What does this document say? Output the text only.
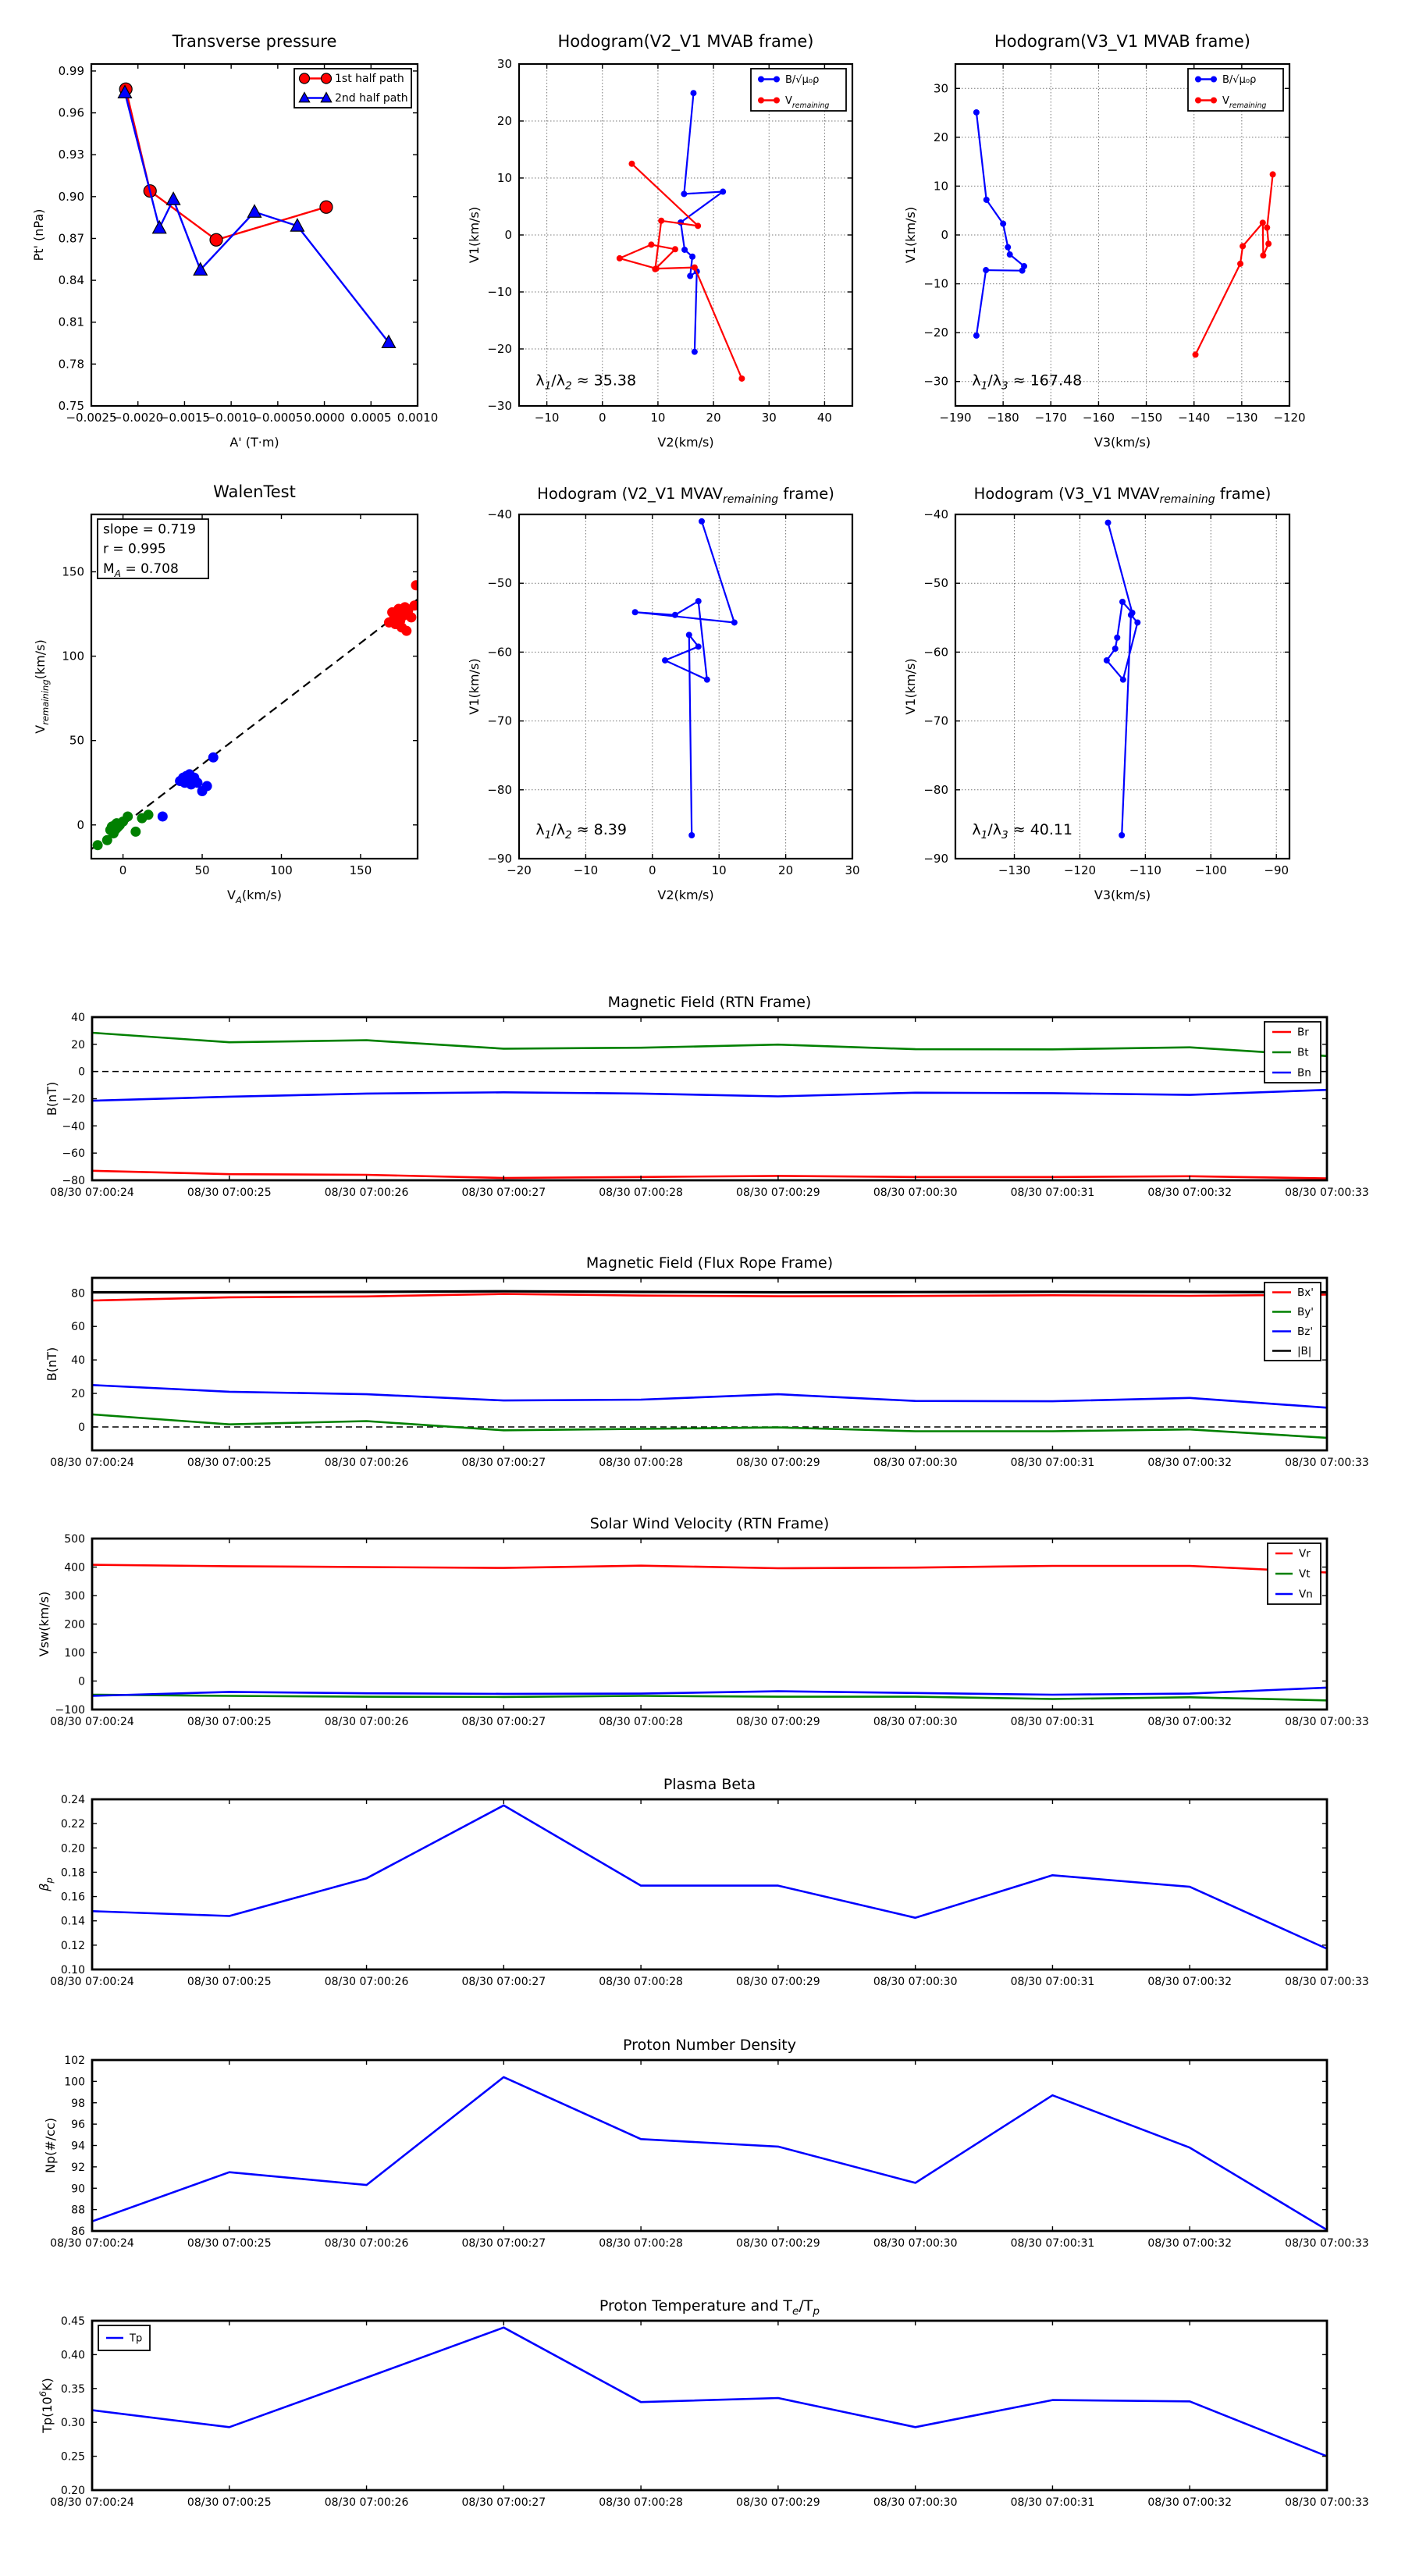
−0.0025
−0.0020
−0.0015
−0.0010
−0.0005 0.0000 0.0005 0.0010
0.75
0.78
0.81
0.84
0.87
0.90
0.93
0.96
0.99
Transverse pressure
A' (T·m)
Pt' (nPa)
1st half path
2nd half path
−10	0	10	20	30	40
−30
−20
−10
0
10
20
30
Hodogram(V2_V1 MVAB frame)
V2(km/s)
V1(km/s)
$\lambda_1/\lambda_2 \approx 35.38$
B/√μ₀ρ
$V_{remaining}$
−190 −180 −170 −160 −150 −140 −130 −120
−30
−20
−10
0
10
20
30
Hodogram(V3_V1 MVAB frame)
V3(km/s)
V1(km/s)
$\lambda_1/\lambda_3 \approx 167.48$
B/√μ₀ρ
$V_{remaining}$
0	50	100	150
0
50
100
150
WalenTest
$V_A(km/s)$
$V_{remaining}(km/s)$
slope = 0.719
r = 0.995
$M_A = 0.708$
−20	−10	0	10	20	30
−90
−80
−70
−60
−50
−40
Hodogram (V2_V1 $MVAV_{remaining}$ frame)
V2(km/s)
V1(km/s)
$\lambda_1/\lambda_2 \approx 8.39$
−130	−120	−110	−100	−90
−90
−80
−70
−60
−50
−40
Hodogram (V3_V1 $MVAV_{remaining}$ frame)
V3(km/s)
V1(km/s)
$\lambda_1/\lambda_3 \approx 40.11$
08/30 07:00:24	08/30 07:00:25	08/30 07:00:26	08/30 07:00:27	08/30 07:00:28	08/30 07:00:29	08/30 07:00:30	08/30 07:00:31	08/30 07:00:32	08/30 07:00:33
−80
−60
−40
−20
0
20
40
Magnetic Field (RTN Frame)
B(nT)
Br
Bt
Bn
08/30 07:00:24	08/30 07:00:25	08/30 07:00:26	08/30 07:00:27	08/30 07:00:28	08/30 07:00:29	08/30 07:00:30	08/30 07:00:31	08/30 07:00:32	08/30 07:00:33
0
20
40
60
80
Magnetic Field (Flux Rope Frame)
B(nT)
Bx'
By'
Bz'
|B|
08/30 07:00:24	08/30 07:00:25	08/30 07:00:26	08/30 07:00:27	08/30 07:00:28	08/30 07:00:29	08/30 07:00:30	08/30 07:00:31	08/30 07:00:32	08/30 07:00:33
−100
0
100
200
300
400
500
Solar Wind Velocity (RTN Frame)
Vsw(km/s)
Vr
Vt
Vn
08/30 07:00:24	08/30 07:00:25	08/30 07:00:26	08/30 07:00:27	08/30 07:00:28	08/30 07:00:29	08/30 07:00:30	08/30 07:00:31	08/30 07:00:32	08/30 07:00:33
0.10
0.12
0.14
0.16
0.18
0.20
0.22
0.24
Plasma Beta
$\beta_p$
08/30 07:00:24	08/30 07:00:25	08/30 07:00:26	08/30 07:00:27	08/30 07:00:28	08/30 07:00:29	08/30 07:00:30	08/30 07:00:31	08/30 07:00:32	08/30 07:00:33
86
88
90
92
94
96
98
100
102
Proton Number Density
Np(#/cc)
08/30 07:00:24	08/30 07:00:25	08/30 07:00:26	08/30 07:00:27	08/30 07:00:28	08/30 07:00:29	08/30 07:00:30	08/30 07:00:31	08/30 07:00:32	08/30 07:00:33
0.20
0.25
0.30
0.35
0.40
0.45
Proton Temperature and $T_e/T_p$
$Tp(10^6K)$
Tp
